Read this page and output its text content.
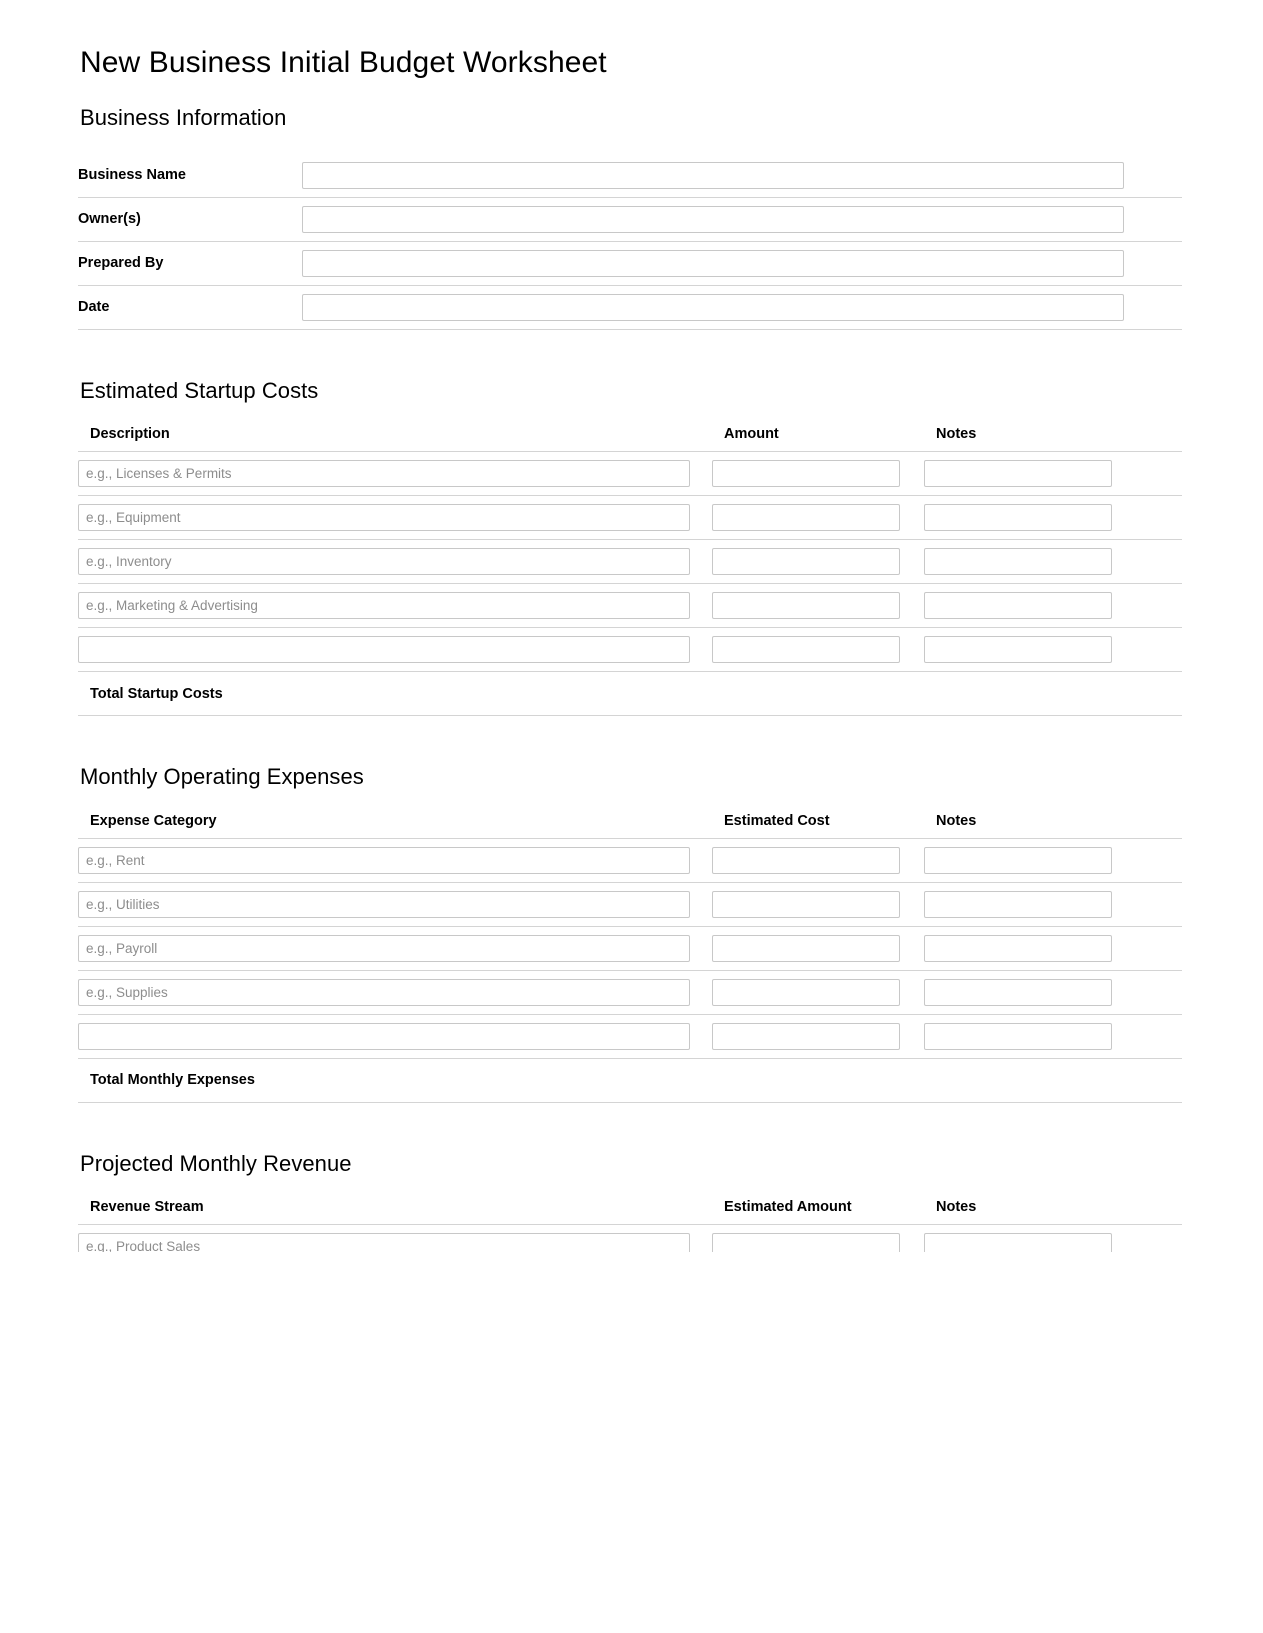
New Business Initial Budget Worksheet
Business Information
Business Name	

Owner(s)	

Prepared By	

Date	
Estimated Startup Costs
Description	Amount	Notes

e.g., Licenses & Permits	

e.g., Equipment	

e.g., Inventory	

e.g., Marketing & Advertising	

Total Startup Costs		
Monthly Operating Expenses
Expense Category	Estimated Cost	Notes

e.g., Rent	

e.g., Utilities	

e.g., Payroll	

e.g., Supplies	

Total Monthly Expenses		
Projected Monthly Revenue
Revenue Stream	Estimated Amount	Notes

e.g., Product Sales	
